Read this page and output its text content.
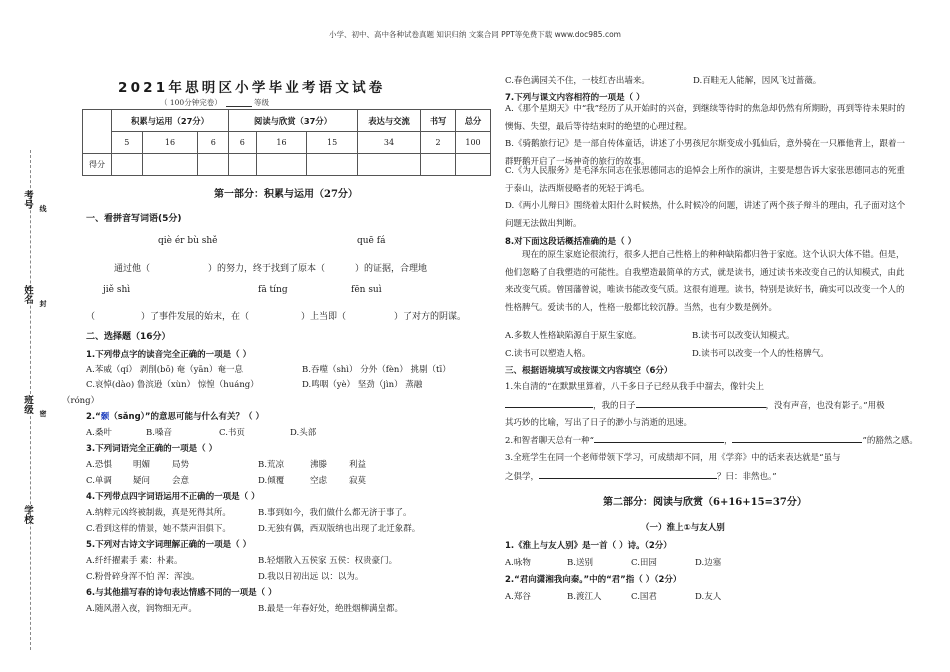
小学、初中、高中各种试卷真题 知识归纳 文案合同 PPT等免费下载 www.doc985.com
考号 线
姓名 封
班级 密
学校
2021年思明区小学毕业考语文试卷
（ 100分钟完卷）	等级
	积累与运用（27分）			阅读与欣赏（37分）			表达与交流	书写	总分
	5	16	6	6	16	15	34	2	100
得分									
第一部分：积累与运用（27分）
一、看拼音写词语(5分)
qiè ér bù shě	quē fá
通过他（	）的努力，终于找到了原本（	）的证据，合理地
jiě shì	fā tíng	fēn suì
（	）了事件发展的始末，在（	）上当即（	）了对方的阴谋。
二、选择题（16分）
1.下列带点字的读音完全正确的一项是（ ）
A.苯威（qí） 剥削(bō) 奄（yān）奄一息	B.吞噬（shì） 分外（fèn） 挑剔（tī）
C.哀悼(dào) 鲁滨逊（xùn） 惊惶（huáng）	D.鸣咽（yè） 坚劲（jìn） 蒸融
（róng）
2.“颡（sǎng）”的意思可能与什么有关？（ ）
A.桑叶	B.嗓音	C.书页	D.头部
3.下列词语完全正确的一项是（ ）
A.恐惧 明媚	局势	B.荒凉	沸滕	利益
C.单调 疑问	会意	D.倾覆	空虑	寂莫
4.下列带点四字词语运用不正确的一项是（ ）
A.纳粹元凶终被制裁，真是死得其所。	B.事到如今，我们做什么都无济于事了。
C.看到这样的情景，她不禁声泪俱下。	D.无独有偶，西双版纳也出现了北迁象群。
5.下列对古诗文字词理解正确的一项是（ ）
A.纤纤擢素手 素：朴素。	B.轻烟散入五侯家 五侯：权贵豪门。
C.粉骨碎身浑不怕 浑：浑浊。	D.我以日初出远 以：以为。
6.与其他描写春的诗句表达情感不同的一项是（ ）
A.随风潜入夜，润物细无声。	B.最是一年春好处，绝胜烟柳满皇都。
C.春色满园关不住，一枝红杏出墙来。	D.百畦无人能解，因风飞过蔷薇。
7.下列与课文内容相符的一项是（ ）
A.《那个星期天》中“我”经历了从开始时的兴奋，到继续等待时的焦急却仍然有所期盼，再到等待未果时的懊悔、失望，最后等待结束时的绝望的心理过程。
B.《骑鹅旅行记》是一部自传体童话，讲述了小男孩尼尔斯变成小狐仙后，意外骑在一只雁他背上，跟着一群野鹅开启了一场神奇的旅行的故事。
C.《为人民服务》是毛泽东同志在张思德同志的追悼会上所作的演讲，主要是想告诉大家张思德同志的死重于泰山，法西斯侵略者的死轻于鸿毛。
D.《两小儿辩日》围绕着太阳什么时候热，什么时候冷的问题，讲述了两个孩子辩斗的理由，孔子面对这个问题无法做出判断。
8.对下面这段话概括准确的是（ ）
现在的原生家庭论很流行，很多人把自己性格上的种种缺陷都归咎于家庭。这个认识大体不错。但是，他们忽略了自我塑造的可能性。自我塑造最简单的方式，就是读书，通过读书来改变自己的认知模式，由此来改变气质。曾国藩曾说，唯读书能改变气质。这很有道理。读书，特别是读好书，确实可以改变一个人的性格脾气。爱读书的人，性格一般都比较沉静。当然，也有少数是例外。
A.多数人性格缺陷源自于原生家庭。	B.读书可以改变认知模式。
C.读书可以塑造人格。	D.读书可以改变一个人的性格脾气。
三、根据语境填写或按课文内容填空（6分）
1.朱自清的“在默默里算着，八千多日子已经从我手中溜去，像针尖上
，我的日子	，没有声音，也没有影子。”用极
其巧妙的比喻，写出了日子的渺小与消逝的迅速。
2.和智者聊天总有一种“	，	”的豁然之感。
3.全班学生在同一个老师带领下学习，可成绩却不同，用《学弈》中的话来表达就是“虽与
之俱学，	？曰：非然也。”
第二部分：阅读与欣赏（6+16+15=37分）
（一）淮上①与友人别
1.《淮上与友人别》是一首（ ）诗。（2分）
A.咏物	B.送别	C.田园	D.边塞
2.“君向潇湘我向秦。”中的“君”指（ ）（2分）
A.郑谷	B.渡江人	C.国君	D.友人
